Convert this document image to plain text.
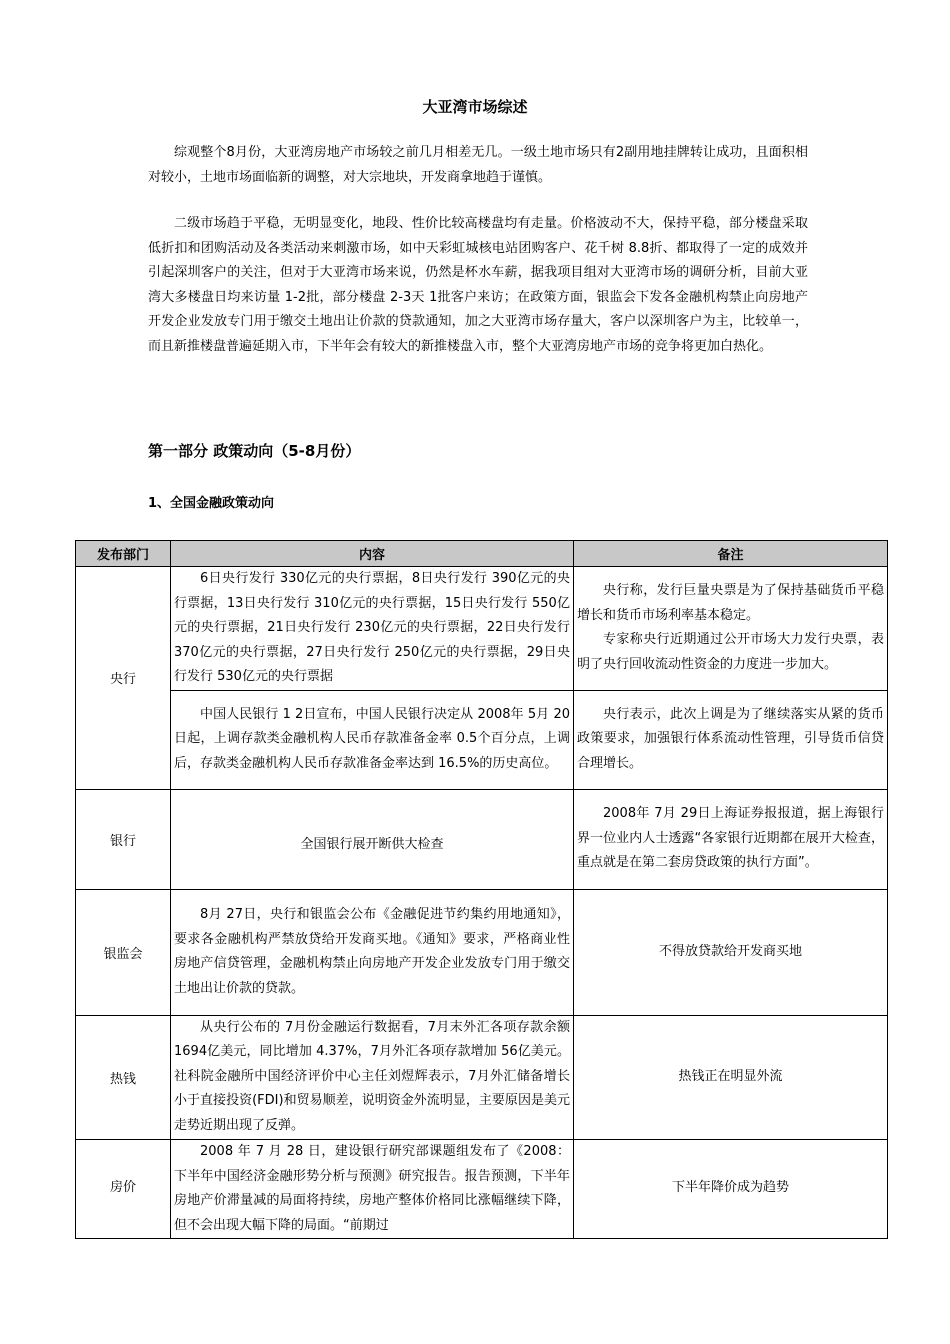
大亚湾市场综述

综观整个8月份，大亚湾房地产市场较之前几月相差无几。一级土地市场只有2副用地挂牌转让成功，且面积相对较小，土地市场面临新的调整，对大宗地块，开发商拿地趋于谨慎。

二级市场趋于平稳，无明显变化，地段、性价比较高楼盘均有走量。价格波动不大，保持平稳，部分楼盘采取低折扣和团购活动及各类活动来刺激市场，如中天彩虹城核电站团购客户、花千树 8.8折、都取得了一定的成效并引起深圳客户的关注，但对于大亚湾市场来说，仍然是杯水车薪，据我项目组对大亚湾市场的调研分析，目前大亚湾大多楼盘日均来访量 1-2批，部分楼盘 2-3天 1批客户来访；在政策方面，银监会下发各金融机构禁止向房地产开发企业发放专门用于缴交土地出让价款的贷款通知，加之大亚湾市场存量大，客户以深圳客户为主，比较单一，而且新推楼盘普遍延期入市，下半年会有较大的新推楼盘入市，整个大亚湾房地产市场的竞争将更加白热化。

第一部分 政策动向（5-8月份）
1、全国金融政策动向
发布部门	内容	备注
央行	6日央行发行 330亿元的央行票据，8日央行发行 390亿元的央行票据，13日央行发行 310亿元的央行票据，15日央行发行 550亿元的央行票据，21日央行发行 230亿元的央行票据，22日央行发行 370亿元的央行票据，27日央行发行 250亿元的央行票据，29日央行发行 530亿元的央行票据	央行称，发行巨量央票是为了保持基础货币平稳增长和货币市场利率基本稳定。

专家称央行近期通过公开市场大力发行央票，表明了央行回收流动性资金的力度进一步加大。

	中国人民银行 1 2日宣布，中国人民银行决定从 2008年 5月 20日起，上调存款类金融机构人民币存款准备金率 0.5个百分点，上调后，存款类金融机构人民币存款准备金率达到 16.5%的历史高位。	央行表示，此次上调是为了继续落实从紧的货币政策要求，加强银行体系流动性管理，引导货币信贷合理增长。

银行	全国银行展开断供大检查	2008年 7月 29日上海证券报报道，据上海银行界一位业内人士透露“各家银行近期都在展开大检查，重点就是在第二套房贷政策的执行方面”。

银监会	8月 27日，央行和银监会公布《金融促进节约集约用地通知》，要求各金融机构严禁放贷给开发商买地。《通知》要求，严格商业性房地产信贷管理，金融机构禁止向房地产开发企业发放专门用于缴交土地出让价款的贷款。	不得放贷款给开发商买地

热钱	从央行公布的 7月份金融运行数据看，7月末外汇各项存款余额 1694亿美元，同比增加 4.37%，7月外汇各项存款增加 56亿美元。社科院金融所中国经济评价中心主任刘煜辉表示，7月外汇储备增长小于直接投资(FDI)和贸易顺差，说明资金外流明显，主要原因是美元走势近期出现了反弹。	热钱正在明显外流

房价	2008 年 7 月 28 日，建设银行研究部课题组发布了《2008：下半年中国经济金融形势分析与预测》研究报告。报告预测，下半年房地产价滞量减的局面将持续，房地产整体价格同比涨幅继续下降，但不会出现大幅下降的局面。“前期过	下半年降价成为趋势
